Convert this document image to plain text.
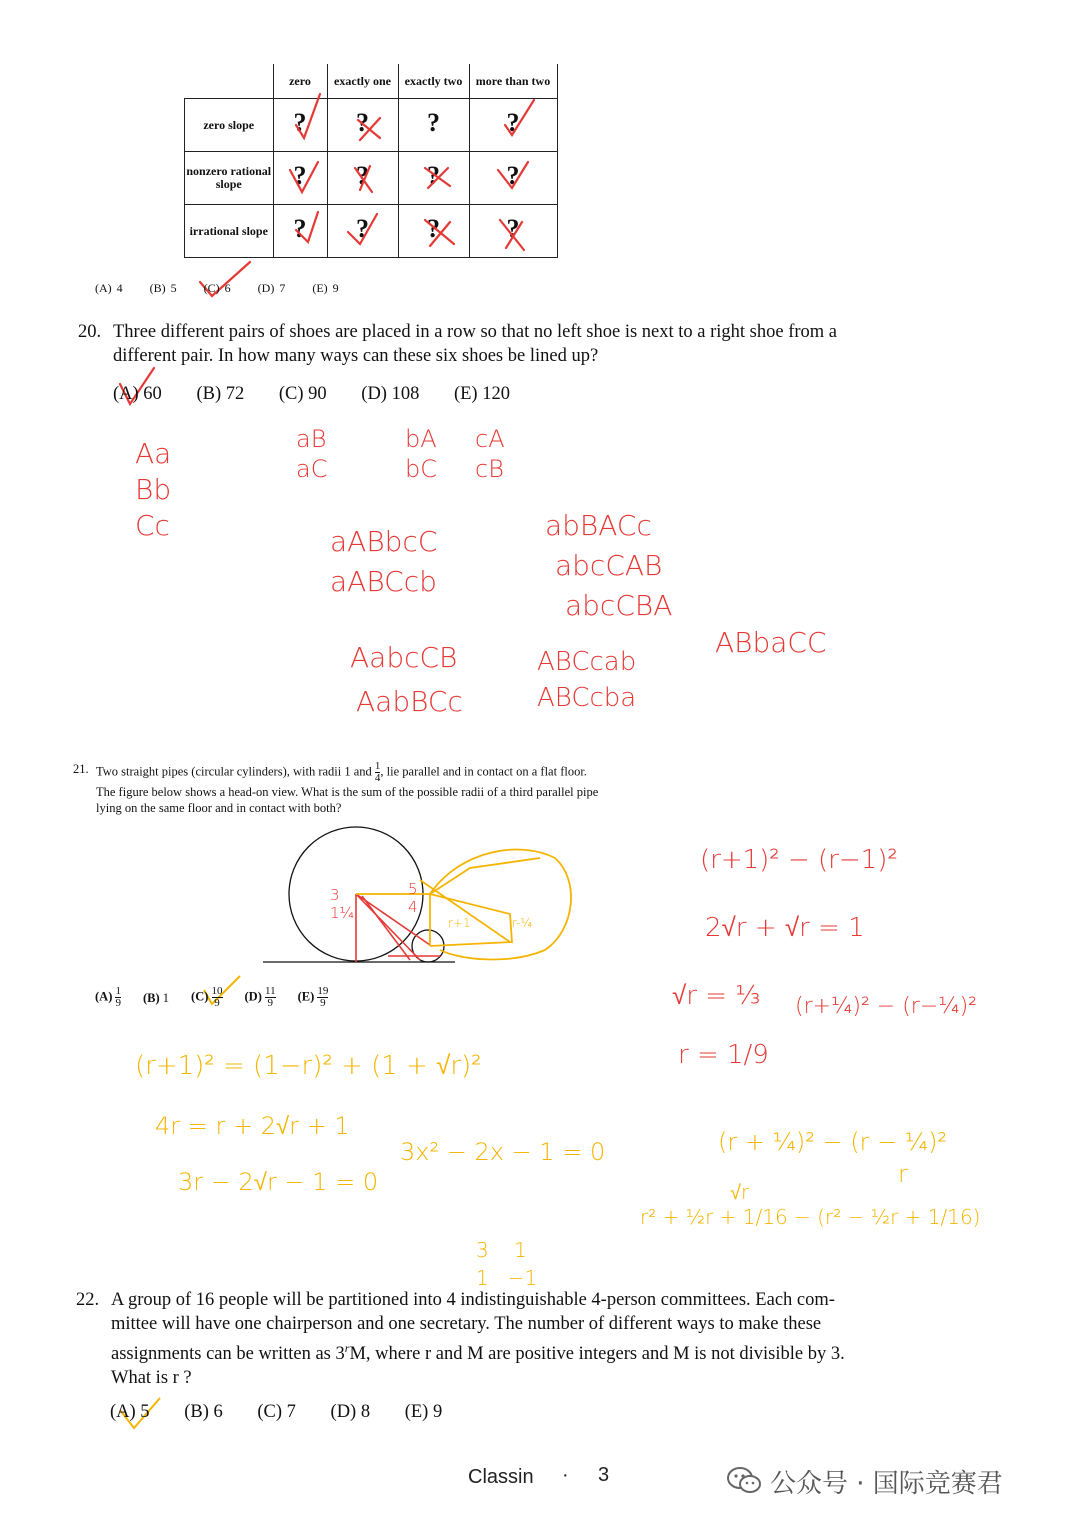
	zero	exactly one	exactly two	more than two
zero slope	?	?	?	?
nonzero rational slope	?	?	?	?
irrational slope	?	?	?	?
(A) 4 (B) 5 (C) 6 (D) 7 (E) 9
20. Three different pairs of shoes are placed in a row so that no left shoe is next to a right shoe from a
different pair. In how many ways can these six shoes be lined up?
(A) 60 (B) 72 (C) 90 (D) 108 (E) 120
Aa
Bb
Cc
aB
aC
bA
bC
cA
cB
aABbcC
aABCcb
abBACc
abcCAB
abcCBA
AabcCB
AabBCc
ABCcab
ABCcba
ABbaCC
21. Two straight pipes (circular cylinders), with radii 1 and $\frac{1}{4}$ , lie parallel and in contact on a flat floor.
The figure below shows a head-on view. What is the sum of the possible radii of a third parallel pipe
lying on the same floor and in contact with both?
3
1¼
5
4
r+1	r-¼
$(A) \frac{1}{9} (B)$ 1 $(C) \frac{10}{9} (D) \frac{11}{9} (E) \frac{19}{9}$
(r+1)² − (r−1)²
2√r + √r = 1
√r = ⅓ (r+¼)² − (r−¼)²
r = 1/9
(r+1)² = (1−r)² + (1 + √r)²
4r = r + 2√r + 1
3r − 2√r − 1 = 0
3x² − 2x − 1 = 0

3    1
1   −1

(r + ¼)² − (r − ¼)²
√r
r² + ½r + 1/16 − (r² − ½r + 1/16)
r
22. A group of 16 people will be partitioned into 4 indistinguishable 4-person committees. Each com-
mittee will have one chairperson and one secretary. The number of different ways to make these
assignments can be written as 3$^r$M, where r and M are positive integers and M is not divisible by 3.
What is r ?
(A) 5 (B) 6 (C) 7 (D) 8 (E) 9
Classin · 3	公众号 · 国际竞赛君
